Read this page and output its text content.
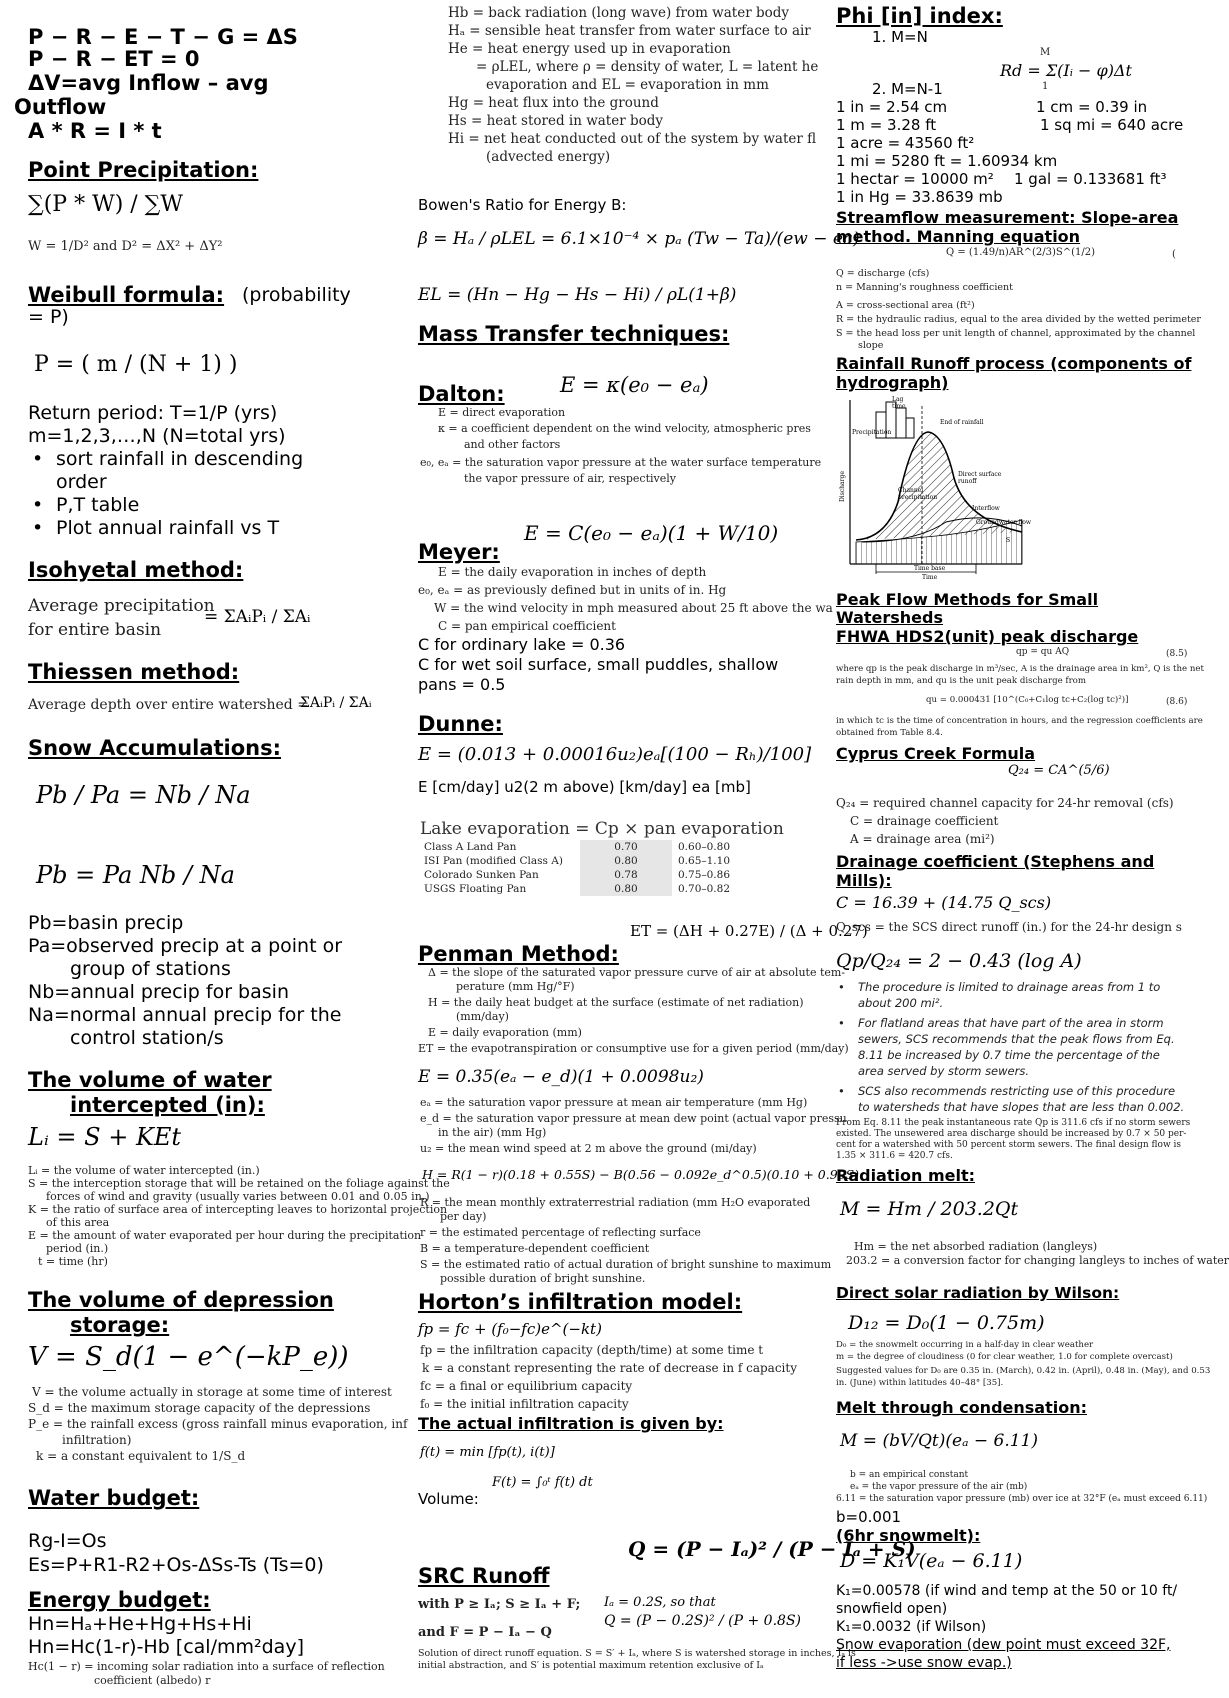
P − R − E − T − G = ΔS
P − R − ET = 0
ΔV=avg Inflow – avg
Outflow
A * R = I * t
Point Precipitation:
∑(P * W) / ∑W
W = 1/D² and D² = ΔX² + ΔY²
Weibull formula: (probability
= P)
P = ( m / (N + 1) )
Return period: T=1/P (yrs)
m=1,2,3,…,N (N=total yrs)
• sort rainfall in descending
order
• P,T table
• Plot annual rainfall vs T
Isohyetal method:
Average precipitation
for entire basin
= ΣAᵢPᵢ / ΣAᵢ
Thiessen method:
Average depth over entire watershed =
ΣAᵢPᵢ / ΣAᵢ
Snow Accumulations:
Pb / Pa = Nb / Na
Pb = Pa Nb / Na
Pb=basin precip
Pa=observed precip at a point or
group of stations
Nb=annual precip for basin
Na=normal annual precip for the
control station/s
The volume of water
intercepted (in):
Lᵢ = S + KEt
Lᵢ = the volume of water intercepted (in.)
S = the interception storage that will be retained on the foliage against the
forces of wind and gravity (usually varies between 0.01 and 0.05 in.)
K = the ratio of surface area of intercepting leaves to horizontal projection
of this area
E = the amount of water evaporated per hour during the precipitation
period (in.)
t = time (hr)
The volume of depression
storage:
V = S_d(1 − e^(−kP_e))
V = the volume actually in storage at some time of interest
S_d = the maximum storage capacity of the depressions
P_e = the rainfall excess (gross rainfall minus evaporation, inf
infiltration)
k = a constant equivalent to 1/S_d
Water budget:
Rg-I=Os
Es=P+R1-R2+Os-ΔSs-Ts (Ts=0)
Energy budget:
Hn=Hₐ+He+Hg+Hs+Hi
Hn=Hc(1-r)-Hb [cal/mm²day]
Hc(1 − r) = incoming solar radiation into a surface of reflection
coefficient (albedo) r
Hb = back radiation (long wave) from water body
Hₐ = sensible heat transfer from water surface to air
He = heat energy used up in evaporation
= ρLEL, where ρ = density of water, L = latent he
evaporation and EL = evaporation in mm
Hg = heat flux into the ground
Hs = heat stored in water body
Hi = net heat conducted out of the system by water fl
(advected energy)
Bowen's Ratio for Energy B:
β = Hₐ / ρLEL = 6.1×10⁻⁴ × pₐ (Tw − Ta)/(ew − ea)
EL = (Hn − Hg − Hs − Hi) / ρL(1+β)
Mass Transfer techniques:
Dalton:	E = κ(e₀ − eₐ)
E = direct evaporation
κ = a coefficient dependent on the wind velocity, atmospheric pres
and other factors
e₀, eₐ = the saturation vapor pressure at the water surface temperature
the vapor pressure of air, respectively
E = C(e₀ − eₐ)(1 + W/10)
Meyer:
E = the daily evaporation in inches of depth
e₀, eₐ = as previously defined but in units of in. Hg
W = the wind velocity in mph measured about 25 ft above the wa
C = pan empirical coefficient
C for ordinary lake = 0.36
C for wet soil surface, small puddles, shallow
pans = 0.5
Dunne:
E = (0.013 + 0.00016u₂)eₐ[(100 − Rₕ)/100]
E [cm/day] u2(2 m above) [km/day] ea [mb]
Lake evaporation = Cp × pan evaporation
Class A Land Pan	0.70	0.60–0.80
ISI Pan (modified Class A)	0.80	0.65–1.10
Colorado Sunken Pan	0.78	0.75–0.86
USGS Floating Pan	0.80	0.70–0.82
ET = (ΔH + 0.27E) / (Δ + 0.27)
Penman Method:
Δ = the slope of the saturated vapor pressure curve of air at absolute tem-
perature (mm Hg/°F)
H = the daily heat budget at the surface (estimate of net radiation)
(mm/day)
E = daily evaporation (mm)
ET = the evapotranspiration or consumptive use for a given period (mm/day)
E = 0.35(eₐ − e_d)(1 + 0.0098u₂)
eₐ = the saturation vapor pressure at mean air temperature (mm Hg)
e_d = the saturation vapor pressure at mean dew point (actual vapor pressu
in the air) (mm Hg)
u₂ = the mean wind speed at 2 m above the ground (mi/day)
H = R(1 − r)(0.18 + 0.55S) − B(0.56 − 0.092e_d^0.5)(0.10 + 0.90S)
R = the mean monthly extraterrestrial radiation (mm H₂O evaporated
per day)
r = the estimated percentage of reflecting surface
B = a temperature-dependent coefficient
S = the estimated ratio of actual duration of bright sunshine to maximum
possible duration of bright sunshine.
Horton’s infiltration model:
fp = fc + (f₀−fc)e^(−kt)
fp = the infiltration capacity (depth/time) at some time t
k = a constant representing the rate of decrease in f capacity
fc = a final or equilibrium capacity
f₀ = the initial infiltration capacity
The actual infiltration is given by:
f(t) = min [fp(t), i(t)]
Volume:
F(t) = ∫₀ᵗ f(t) dt
Q = (P − Iₐ)² / (P − Iₐ + S)
SRC Runoff
Iₐ = 0.2S, so that
with P ≥ Iₐ; S ≥ Iₐ + F;
Q = (P − 0.2S)² / (P + 0.8S)
and F = P − Iₐ − Q
Solution of direct runoff equation. S = S′ + Iₐ, where S is watershed storage in inches, Iₐ is
initial abstraction, and S′ is potential maximum retention exclusive of Iₐ
Phi [in] index:
1. M=N
Rd = Σ(Iᵢ − φ)Δt
M
1
2. M=N-1
1 in = 2.54 cm
1 m = 3.28 ft
1 acre = 43560 ft²
1 mi = 5280 ft = 1.60934 km
1 hectar = 10000 m²
1 in Hg = 33.8639 mb
1 cm = 0.39 in
1 sq mi = 640 acre
1 gal = 0.133681 ft³
Streamflow measurement: Slope-area
method. Manning equation
Q = (1.49/n)AR^(2/3)S^(1/2)	(
Q = discharge (cfs)
n = Manning's roughness coefficient
A = cross-sectional area (ft²)
R = the hydraulic radius, equal to the area divided by the wetted perimeter
S = the head loss per unit length of channel, approximated by the channel
slope
Rainfall Runoff process (components of
hydrograph)
Lag
time
Precipitation
End of rainfall
Direct surface
runoff
Channel
precipitation
Interflow
Groundwater flow
S
Time base
Time
Discharge
Peak Flow Methods for Small
Watersheds
FHWA HDS2(unit) peak discharge
qp = qu AQ	(8.5)
where qp is the peak discharge in m³/sec, A is the drainage area in km², Q is the net
rain depth in mm, and qu is the unit peak discharge from
qu = 0.000431 [10^(C₀+C₁log tc+C₂(log tc)²)]	(8.6)
in which tc is the time of concentration in hours, and the regression coefficients are
obtained from Table 8.4.
Cyprus Creek Formula
Q₂₄ = CA^(5/6)
Q₂₄ = required channel capacity for 24-hr removal (cfs)
C = drainage coefficient
A = drainage area (mi²)
Drainage coefficient (Stephens and
Mills):
C = 16.39 + (14.75 Q_scs)
Q_scs = the SCS direct runoff (in.) for the 24-hr design s
Qp/Q₂₄ = 2 − 0.43 (log A)
• The procedure is limited to drainage areas from 1 to
about 200 mi².
• For flatland areas that have part of the area in storm
sewers, SCS recommends that the peak flows from Eq.
8.11 be increased by 0.7 time the percentage of the
area served by storm sewers.
• SCS also recommends restricting use of this procedure
to watersheds that have slopes that are less than 0.002.
From Eq. 8.11 the peak instantaneous rate Qp is 311.6 cfs if no storm sewers
existed. The unsewered area discharge should be increased by 0.7 × 50 per-
cent for a watershed with 50 percent storm sewers. The final design flow is
1.35 × 311.6 = 420.7 cfs.
Radiation melt:
M = Hm / 203.2Qt
Hm = the net absorbed radiation (langleys)
203.2 = a conversion factor for changing langleys to inches of water
Direct solar radiation by Wilson:
D₁₂ = D₀(1 − 0.75m)
D₀ = the snowmelt occurring in a half-day in clear weather
m = the degree of cloudiness (0 for clear weather, 1.0 for complete overcast)
Suggested values for D₀ are 0.35 in. (March), 0.42 in. (April), 0.48 in. (May), and 0.53
in. (June) within latitudes 40–48° [35].
Melt through condensation:
M = (bV/Qt)(eₐ − 6.11)
b = an empirical constant
eₐ = the vapor pressure of the air (mb)
6.11 = the saturation vapor pressure (mb) over ice at 32°F (eₐ must exceed 6.11)
b=0.001
(6hr snowmelt):
D = K₁V(eₐ − 6.11)
K₁=0.00578 (if wind and temp at the 50 or 10 ft/
snowfield open)
K₁=0.0032 (if Wilson)
Snow evaporation (dew point must exceed 32F,
if less ->use snow evap.)
